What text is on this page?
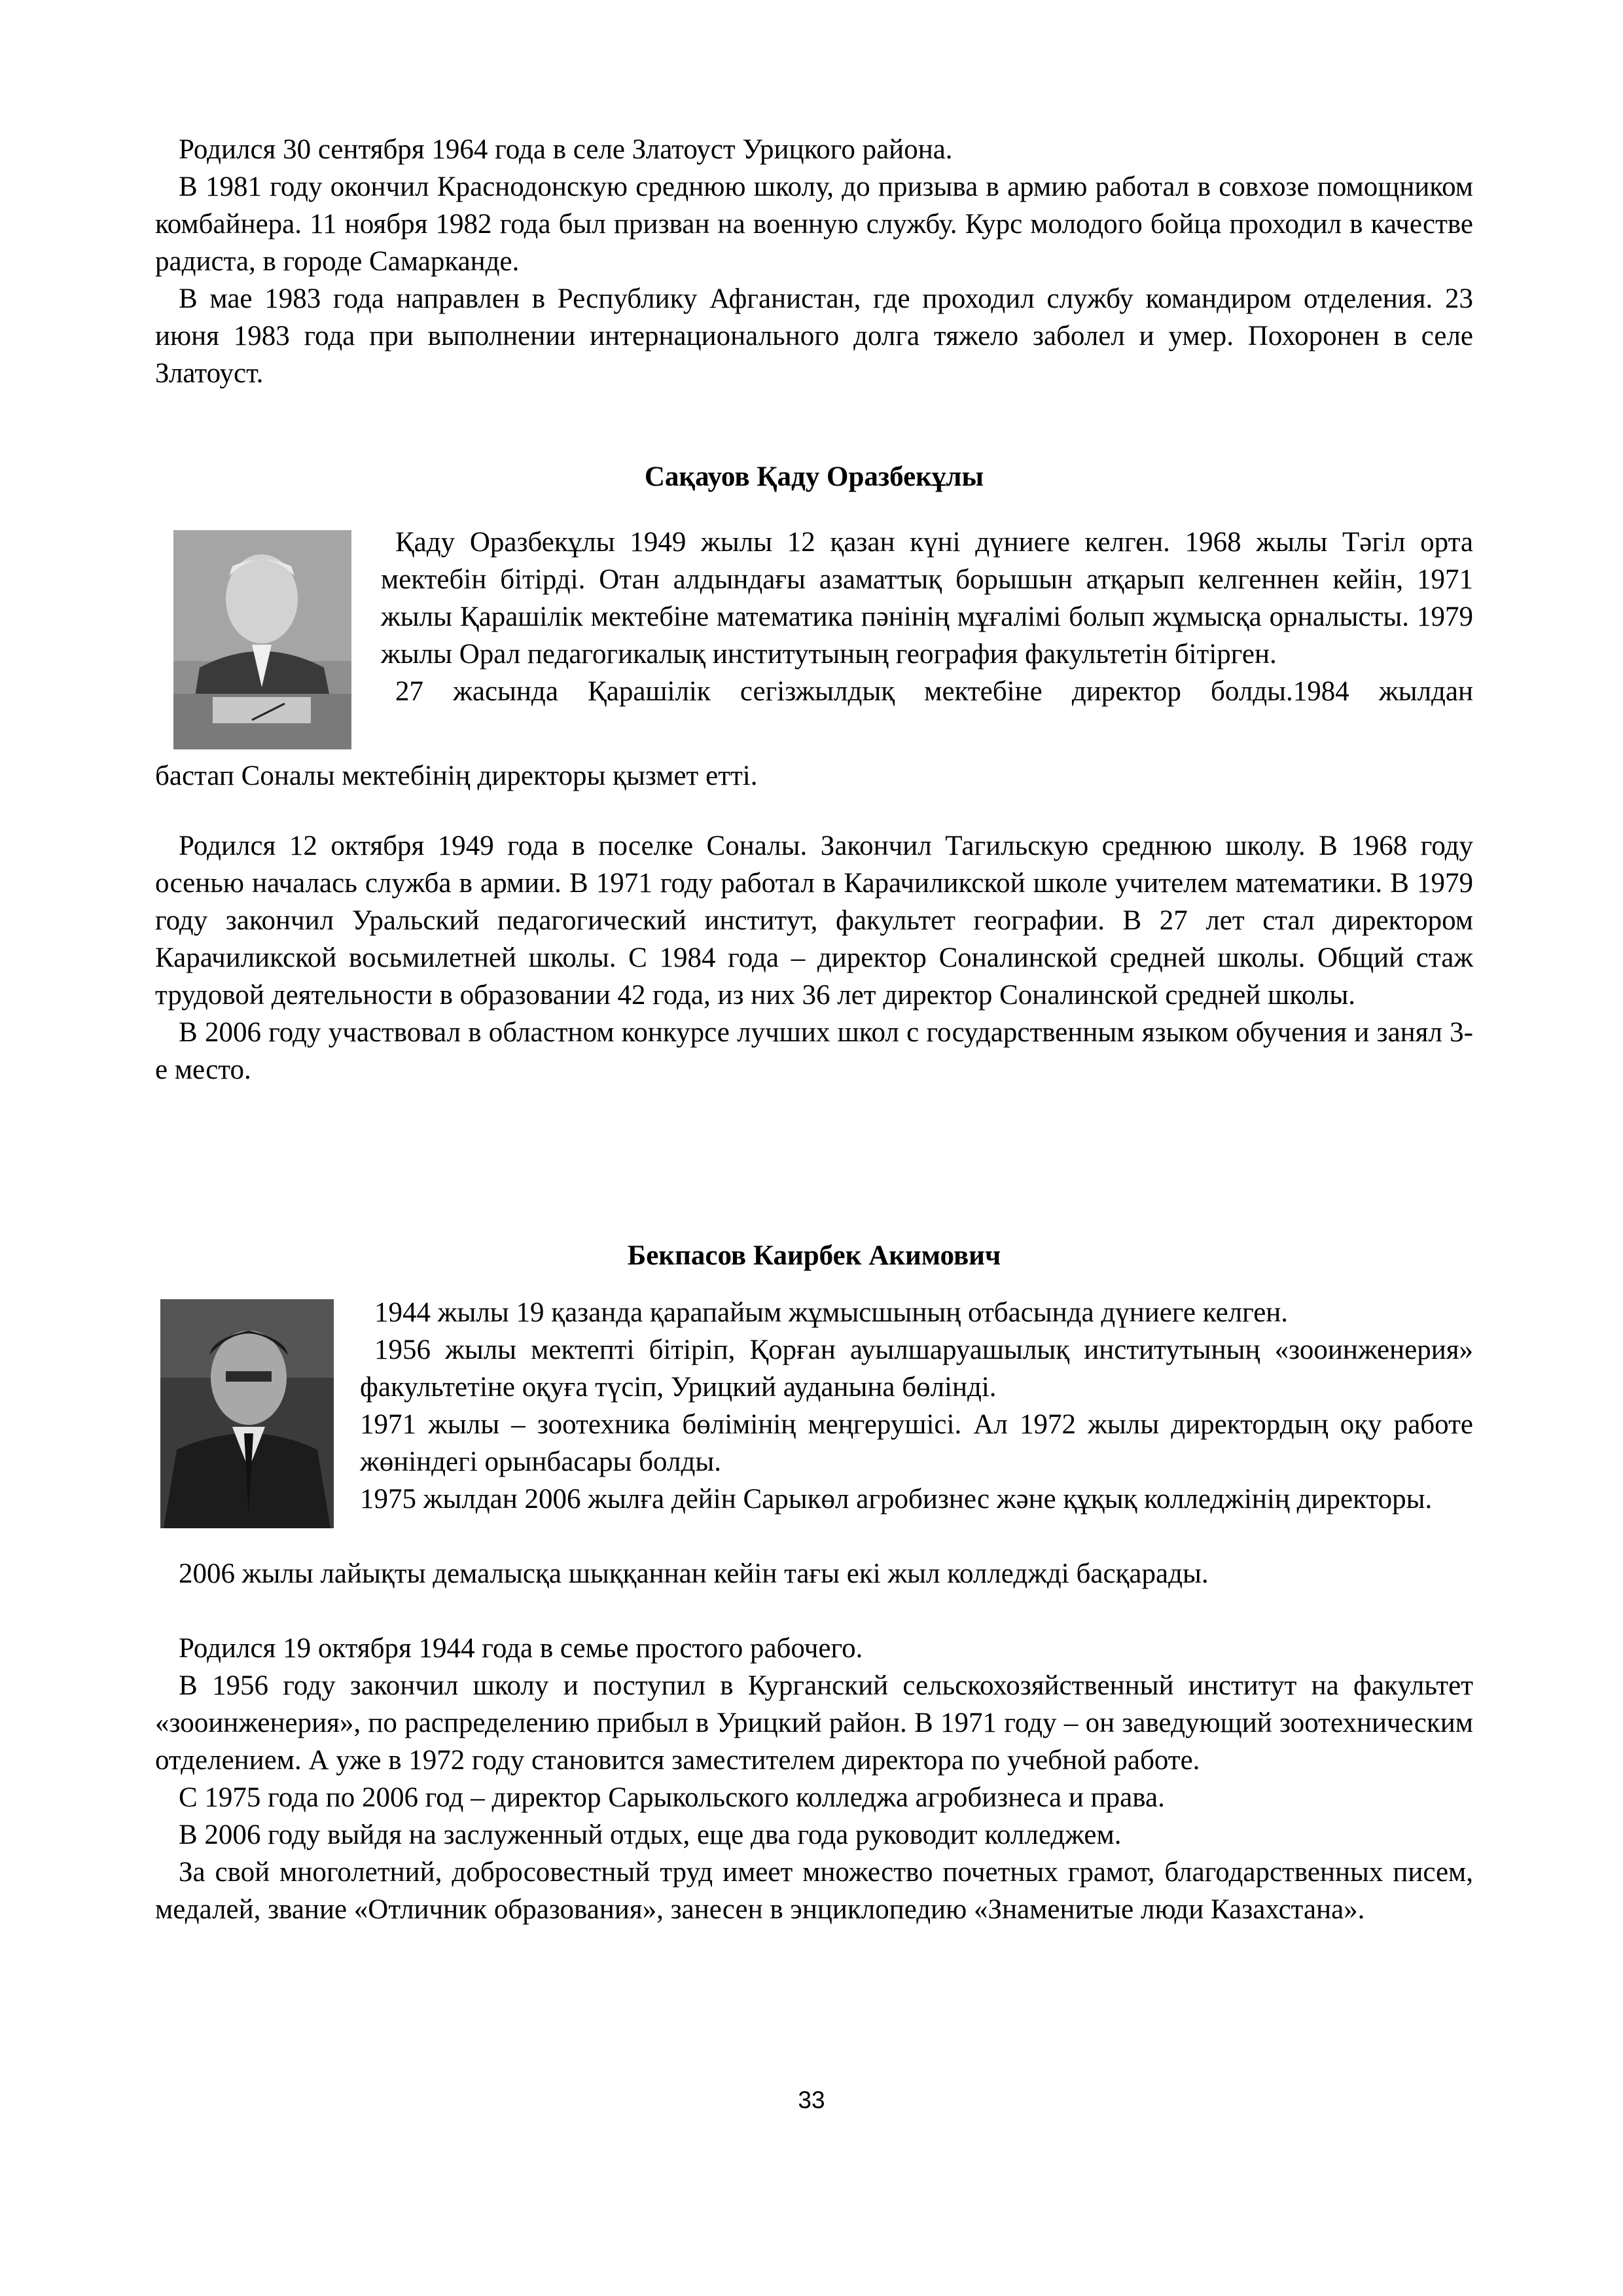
Родился 30 сентября 1964 года в селе Златоуст Урицкого района.

В 1981 году окончил Краснодонскую среднюю школу, до призыва в армию работал в совхозе помощником комбайнера. 11 ноября 1982 года был призван на военную службу. Курс молодого бойца проходил в качестве радиста, в городе Самарканде.

В мае 1983 года направлен в Республику Афганистан, где проходил службу командиром отделения. 23 июня 1983 года при выполнении интернационального долга тяжело заболел и умер. Похоронен в селе Златоуст.

Сақауов Қаду Оразбекұлы

Қаду Оразбекұлы 1949 жылы 12 қазан күні дүниеге келген. 1968 жылы Тәгіл орта мектебін бітірді. Отан алдындағы азаматтық борышын атқарып келгеннен кейін, 1971 жылы Қарашілік мектебіне математика пәнінің мұғалімі болып жұмысқа орналысты. 1979 жылы Орал педагогикалық институтының география факультетін бітірген.

27 жасында Қарашілік сегізжылдық мектебіне директор болды.1984 жылдан

бастап Соналы мектебінің директоры қызмет етті.

Родился 12 октября 1949 года в поселке Соналы. Закончил Тагильскую среднюю школу. В 1968 году осенью началась служба в армии. В 1971 году работал в Карачиликской школе учителем математики. В 1979 году закончил Уральский педагогический институт, факультет географии. В 27 лет стал директором Карачиликской восьмилетней школы. С 1984 года – директор Соналинской средней школы. Общий стаж трудовой деятельности в образовании 42 года, из них 36 лет директор Соналинской средней школы.

В 2006 году участвовал в областном конкурсе лучших школ с государственным языком обучения и занял 3-е место.

Бекпасов Каирбек Акимович

1944 жылы 19 қазанда қарапайым жұмысшының отбасында дүниеге келген.

1956 жылы мектепті бітіріп, Қорған ауылшаруашылық институтының «зооинженерия» факультетіне оқуға түсіп, Урицкий ауданына бөлінді.

1971 жылы – зоотехника бөлімінің меңгерушісі. Ал 1972 жылы директордың оқу работе жөніндегі орынбасары болды.

1975 жылдан 2006 жылға дейін Сарыкөл агробизнес және құқық колледжінің директоры.

2006 жылы лайықты демалысқа шыққаннан кейін тағы екі жыл колледжді басқарады.

Родился 19 октября 1944 года в семье простого рабочего.

В 1956 году закончил школу и поступил в Курганский сельскохозяйственный институт на факультет «зооинженерия», по распределению прибыл в Урицкий район. В 1971 году – он заведующий зоотехническим отделением. А уже в 1972 году становится заместителем директора по учебной работе.

С 1975 года по 2006 год – директор Сарыкольского колледжа агробизнеса и права.

В 2006 году выйдя на заслуженный отдых, еще два года руководит колледжем.

За свой многолетний, добросовестный труд имеет множество почетных грамот, благодарственных писем, медалей, звание «Отличник образования», занесен в энциклопедию «Знаменитые люди Казахстана».

33
